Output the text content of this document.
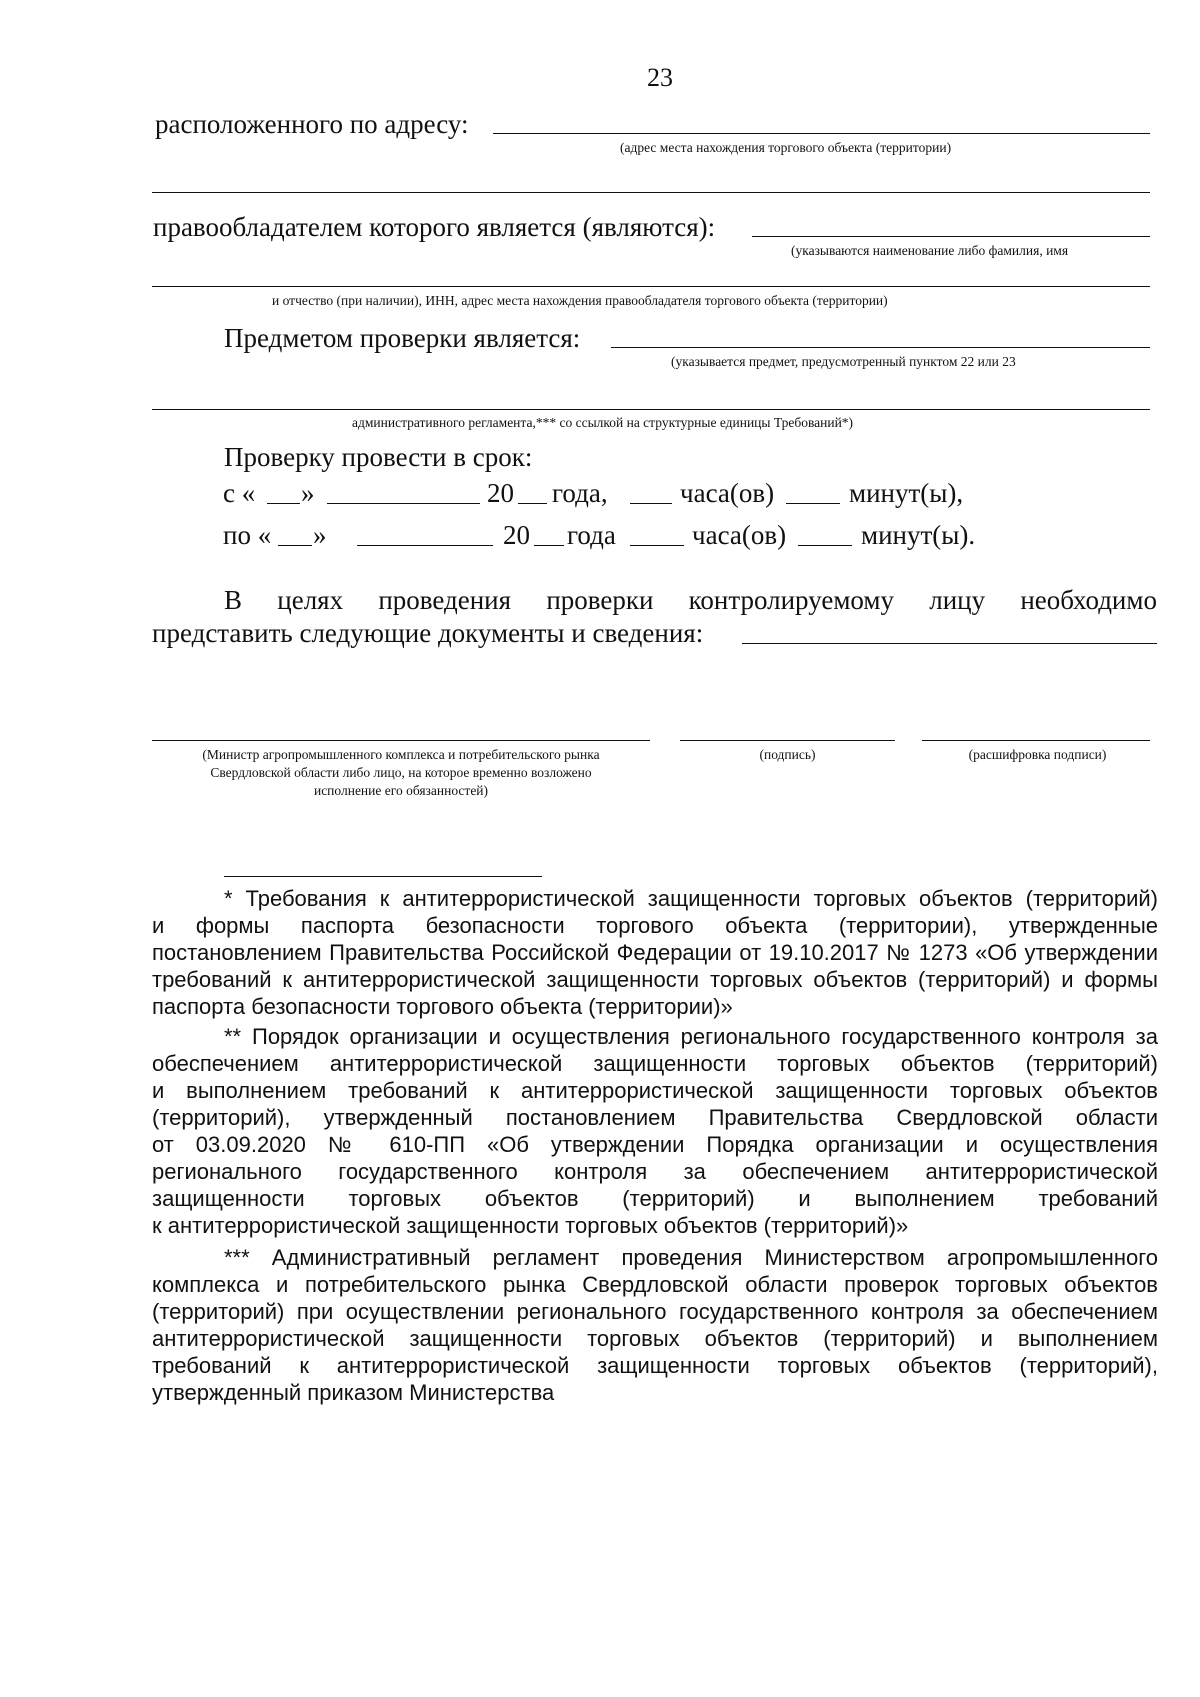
23
расположенного по адресу:
(адрес места нахождения торгового объекта (территории)
правообладателем которого является (являются):
(указываются наименование либо фамилия, имя
и отчество (при наличии), ИНН, адрес места нахождения правообладателя торгового объекта (территории)
Предметом проверки является:
(указывается предмет, предусмотренный пунктом 22 или 23
административного регламента,*** со ссылкой на структурные единицы Требований*)
Проверку провести в срок:
с « »	20 года,	часа(ов)	минут(ы),
по « »	20 года	часа(ов)	минут(ы).
В целях проведения проверки контролируемому лицу необходимо
представить следующие документы и сведения:
(Министр агропромышленного комплекса и потребительского рынка
Свердловской области либо лицо, на которое временно возложено
исполнение его обязанностей)
(подпись)	(расшифровка подписи)
* Требования к антитеррористической защищенности торговых объектов (территорий)
и формы паспорта безопасности торгового объекта (территории), утвержденные
постановлением Правительства Российской Федерации от 19.10.2017 № 1273 «Об утверждении
требований к антитеррористической защищенности торговых объектов (территорий) и формы
паспорта безопасности торгового объекта (территории)»
** Порядок организации и осуществления регионального государственного контроля за
обеспечением антитеррористической защищенности торговых объектов (территорий)
и выполнением требований к антитеррористической защищенности торговых объектов
(территорий), утвержденный постановлением Правительства Свердловской области
от 03.09.2020 № 610-ПП «Об утверждении Порядка организации и осуществления
регионального государственного контроля за обеспечением антитеррористической
защищенности торговых объектов (территорий) и выполнением требований
к антитеррористической защищенности торговых объектов (территорий)»
*** Административный регламент проведения Министерством агропромышленного
комплекса и потребительского рынка Свердловской области проверок торговых объектов
(территорий) при осуществлении регионального государственного контроля за обеспечением
антитеррористической защищенности торговых объектов (территорий) и выполнением
требований к антитеррористической защищенности торговых объектов (территорий),
утвержденный приказом Министерства
